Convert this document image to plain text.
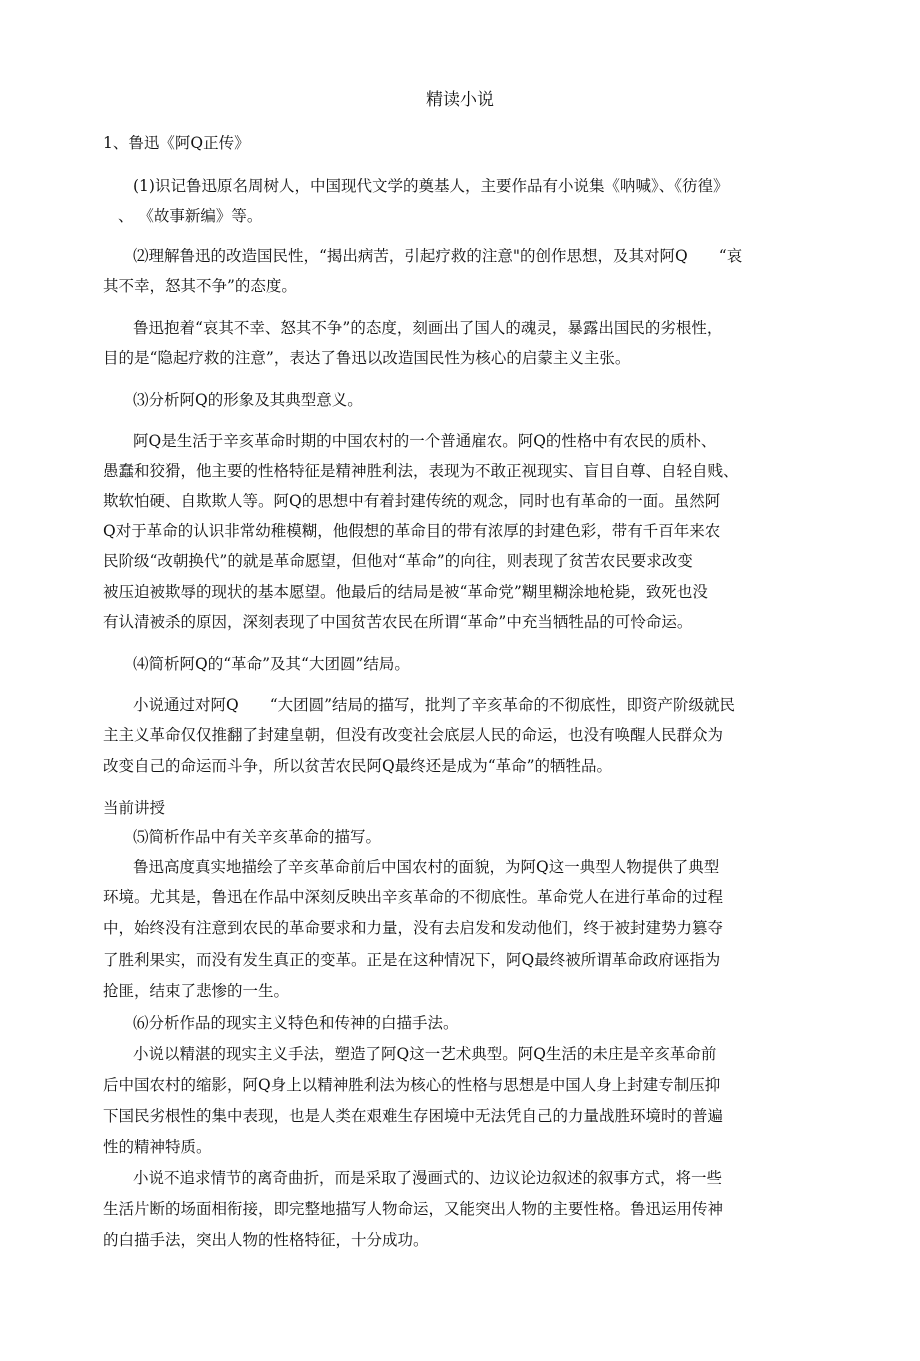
精读小说
1、鲁迅《阿Q正传》
(1)识记鲁迅原名周树人，中国现代文学的奠基人，主要作品有小说集《呐喊》、《彷徨》
、 《故事新编》等。
⑵理解鲁迅的改造国民性，“揭出病苦，引起疗救的注意"的创作思想，及其对阿Q　　“哀
其不幸，怒其不争”的态度。
鲁迅抱着“哀其不幸、怒其不争”的态度，刻画出了国人的魂灵，暴露出国民的劣根性，
目的是“隐起疗救的注意”，表达了鲁迅以改造国民性为核心的启蒙主义主张。
⑶分析阿Q的形象及其典型意义。
阿Q是生活于辛亥革命时期的中国农村的一个普通雇农。阿Q的性格中有农民的质朴、
愚蠢和狡猾，他主要的性格特征是精神胜利法，表现为不敢正视现实、盲目自尊、自轻自贱、
欺软怕硬、自欺欺人等。阿Q的思想中有着封建传统的观念，同时也有革命的一面。虽然阿
Q对于革命的认识非常幼稚模糊，他假想的革命目的带有浓厚的封建色彩，带有千百年来农
民阶级“改朝换代”的就是革命愿望，但他对“革命”的向往，则表现了贫苦农民要求改变
被压迫被欺辱的现状的基本愿望。他最后的结局是被“革命党”糊里糊涂地枪毙，致死也没
有认清被杀的原因，深刻表现了中国贫苦农民在所谓“革命”中充当牺牲品的可怜命运。
⑷简析阿Q的“革命”及其“大团圆”结局。
小说通过对阿Q　　“大团圆”结局的描写，批判了辛亥革命的不彻底性，即资产阶级就民
主主义革命仅仅推翻了封建皇朝，但没有改变社会底层人民的命运，也没有唤醒人民群众为
改变自己的命运而斗争，所以贫苦农民阿Q最终还是成为“革命”的牺牲品。
当前讲授
⑸简析作品中有关辛亥革命的描写。
鲁迅高度真实地描绘了辛亥革命前后中国农村的面貌，为阿Q这一典型人物提供了典型
环境。尤其是，鲁迅在作品中深刻反映出辛亥革命的不彻底性。革命党人在进行革命的过程
中，始终没有注意到农民的革命要求和力量，没有去启发和发动他们，终于被封建势力篡夺
了胜利果实，而没有发生真正的变革。正是在这种情况下，阿Q最终被所谓革命政府诬指为
抢匪，结束了悲惨的一生。
⑹分析作品的现实主义特色和传神的白描手法。
小说以精湛的现实主义手法，塑造了阿Q这一艺术典型。阿Q生活的未庄是辛亥革命前
后中国农村的缩影，阿Q身上以精神胜利法为核心的性格与思想是中国人身上封建专制压抑
下国民劣根性的集中表现，也是人类在艰难生存困境中无法凭自己的力量战胜环境时的普遍
性的精神特质。
小说不追求情节的离奇曲折，而是采取了漫画式的、边议论边叙述的叙事方式，将一些
生活片断的场面相衔接，即完整地描写人物命运，又能突出人物的主要性格。鲁迅运用传神
的白描手法，突出人物的性格特征，十分成功。
